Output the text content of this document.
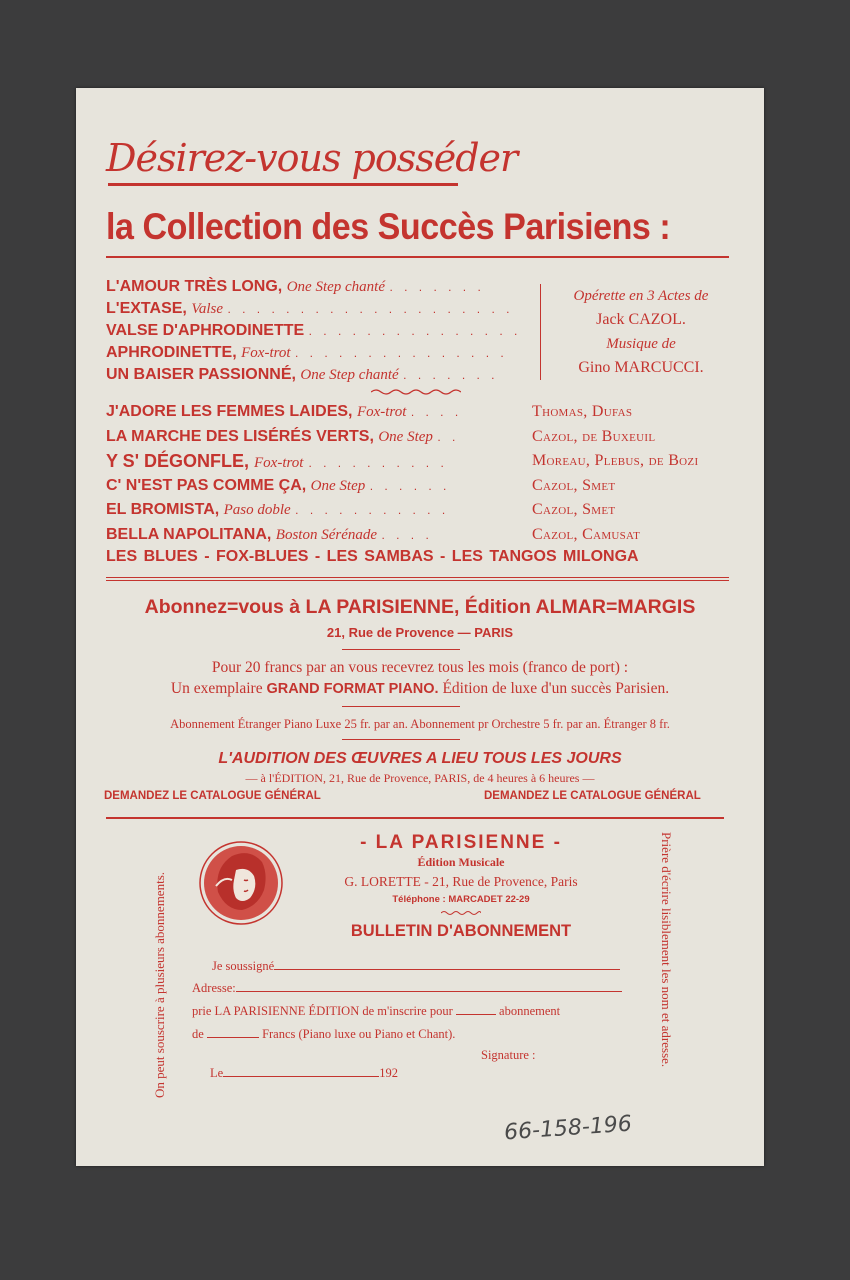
Désirez-vous posséder
la Collection des Succès Parisiens :
L'AMOUR TRÈS LONG, One Step chanté . . . . . . .
L'EXTASE, Valse . . . . . . . . . . . . . . . . . . . .
VALSE D'APHRODINETTE . . . . . . . . . . . . . . .
APHRODINETTE, Fox-trot . . . . . . . . . . . . . . .
UN BAISER PASSIONNÉ, One Step chanté . . . . . . .
Opérette en 3 Actes de
Jack CAZOL.
Musique de
Gino MARCUCCI.
J'ADORE LES FEMMES LAIDES, Fox-trot . . . .	Thomas, Dufas
LA MARCHE DES LISÉRÉS VERTS, One Step . .	Cazol, de Buxeuil
Y S' DÉGONFLE, Fox-trot . . . . . . . . . .	Moreau, Plebus, de Bozi
C' N'EST PAS COMME ÇA, One Step . . . . . .	Cazol, Smet
EL BROMISTA, Paso doble . . . . . . . . . . .	Cazol, Smet
BELLA NAPOLITANA, Boston Sérénade . . . .	Cazol, Camusat
LES BLUES - FOX-BLUES - LES SAMBAS - LES TANGOS MILONGA
Abonnez=vous à LA PARISIENNE, Édition ALMAR=MARGIS
21, Rue de Provence — PARIS
Pour 20 francs par an vous recevrez tous les mois (franco de port) :
Un exemplaire GRAND FORMAT PIANO. Édition de luxe d'un succès Parisien.
Abonnement Étranger Piano Luxe 25 fr. par an. Abonnement pr Orchestre 5 fr. par an. Étranger 8 fr.
L'AUDITION DES ŒUVRES A LIEU TOUS LES JOURS
— à l'ÉDITION, 21, Rue de Provence, PARIS, de 4 heures à 6 heures —
DEMANDEZ LE CATALOGUE GÉNÉRAL	DEMANDEZ LE CATALOGUE GÉNÉRAL
On peut souscrire à plusieurs abonnements.	Prière d'écrire lisiblement les nom et adresse.
- LA PARISIENNE -
Édition Musicale
G. LORETTE - 21, Rue de Provence, Paris
Téléphone : MARCADET 22-29
BULLETIN D'ABONNEMENT
Je soussigné
Adresse:
prie LA PARISIENNE ÉDITION de m'inscrire pour	abonnement
de	Francs (Piano luxe ou Piano et Chant).
Signature :
Le	192
66-158-196
